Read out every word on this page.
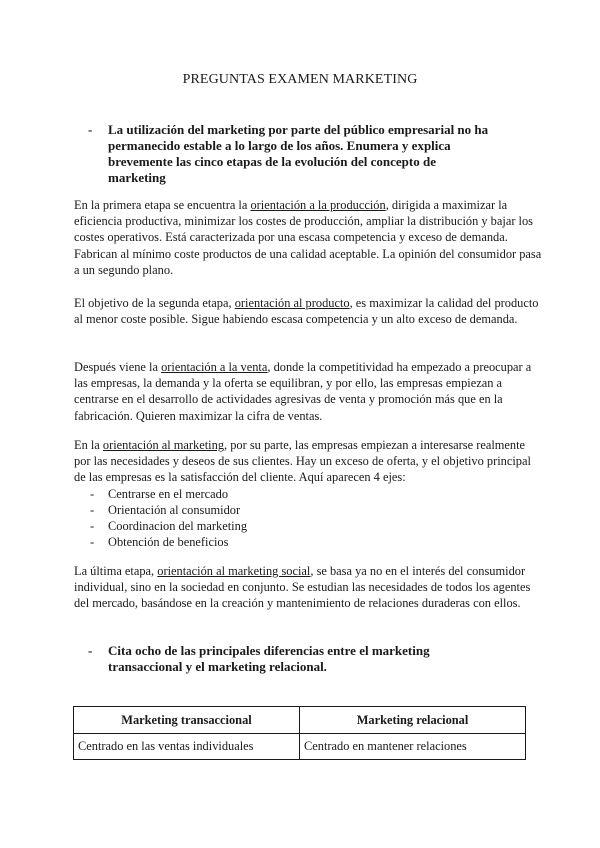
PREGUNTAS EXAMEN MARKETING
- La utilización del marketing por parte del público empresarial no ha permanecido estable a lo largo de los años. Enumera y explica brevemente las cinco etapas de la evolución del concepto de marketing

En la primera etapa se encuentra la orientación a la producción, dirigida a maximizar la eficiencia productiva, minimizar los costes de producción, ampliar la distribución y bajar los costes operativos. Está caracterizada por una escasa competencia y exceso de demanda. Fabrican al mínimo coste productos de una calidad aceptable. La opinión del consumidor pasa a un segundo plano.

El objetivo de la segunda etapa, orientación al producto, es maximizar la calidad del producto al menor coste posible. Sigue habiendo escasa competencia y un alto exceso de demanda.

Después viene la orientación a la venta, donde la competitividad ha empezado a preocupar a las empresas, la demanda y la oferta se equilibran, y por ello, las empresas empiezan a centrarse en el desarrollo de actividades agresivas de venta y promoción más que en la fabricación. Quieren maximizar la cifra de ventas.

En la orientación al marketing, por su parte, las empresas empiezan a interesarse realmente por las necesidades y deseos de sus clientes. Hay un exceso de oferta, y el objetivo principal de las empresas es la satisfacción del cliente. Aquí aparecen 4 ejes:

- Centrarse en el mercado
- Orientación al consumidor
- Coordinacion del marketing
- Obtención de beneficios

La última etapa, orientación al marketing social, se basa ya no en el interés del consumidor individual, sino en la sociedad en conjunto. Se estudian las necesidades de todos los agentes del mercado, basándose en la creación y mantenimiento de relaciones duraderas con ellos.

- Cita ocho de las principales diferencias entre el marketing transaccional y el marketing relacional.
Marketing transaccional	Marketing relacional
Centrado en las ventas individuales	Centrado en mantener relaciones
